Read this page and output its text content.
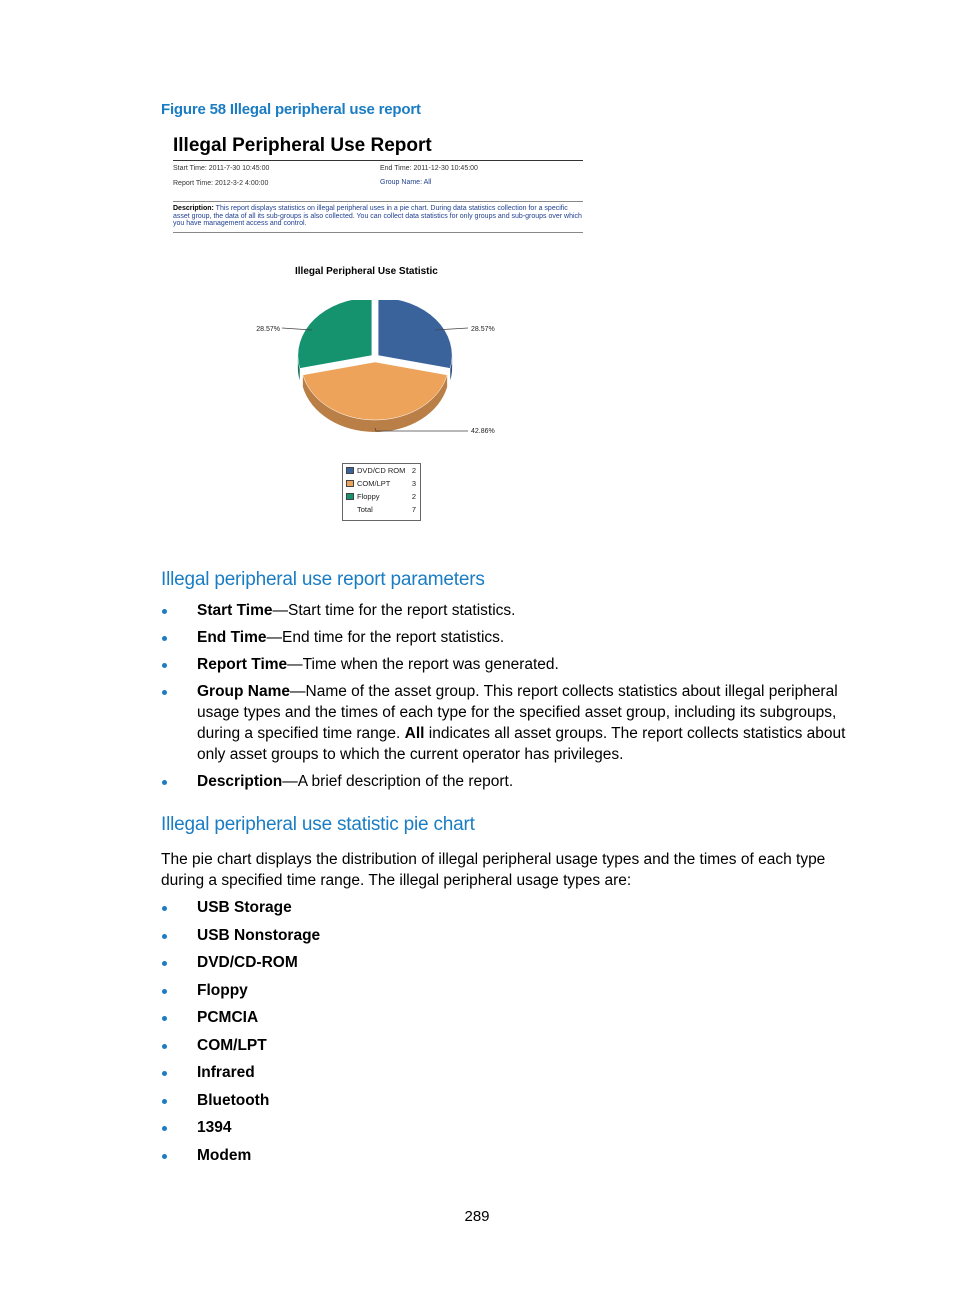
Figure 58 Illegal peripheral use report
Illegal Peripheral Use Report
Start Time: 2011-7-30 10:45:00	End Time: 2011-12-30 10:45:00
Report Time: 2012-3-2 4:00:00	Group Name: All
Description: This report displays statistics on illegal peripheral uses in a pie chart. During data statistics collection for a specific asset group, the data of all its sub-groups is also collected. You can collect data statistics for only groups and sub-groups over which you have management access and control.
Illegal Peripheral Use Statistic
28.57%
42.86%
28.57%
DVD/CD ROM 2
COM/LPT	3
Floppy	2
Total	7
Illegal peripheral use report parameters
Start Time—Start time for the report statistics.
End Time—End time for the report statistics.
Report Time—Time when the report was generated.
Group Name—Name of the asset group. This report collects statistics about illegal peripheral usage types and the times of each type for the specified asset group, including its subgroups, during a specified time range. All indicates all asset groups. The report collects statistics about only asset groups to which the current operator has privileges.
Description—A brief description of the report.
Illegal peripheral use statistic pie chart

The pie chart displays the distribution of illegal peripheral usage types and the times of each type during a specified time range. The illegal peripheral usage types are:

USB Storage
USB Nonstorage
DVD/CD-ROM
Floppy
PCMCIA
COM/LPT
Infrared
Bluetooth
1394
Modem
289
